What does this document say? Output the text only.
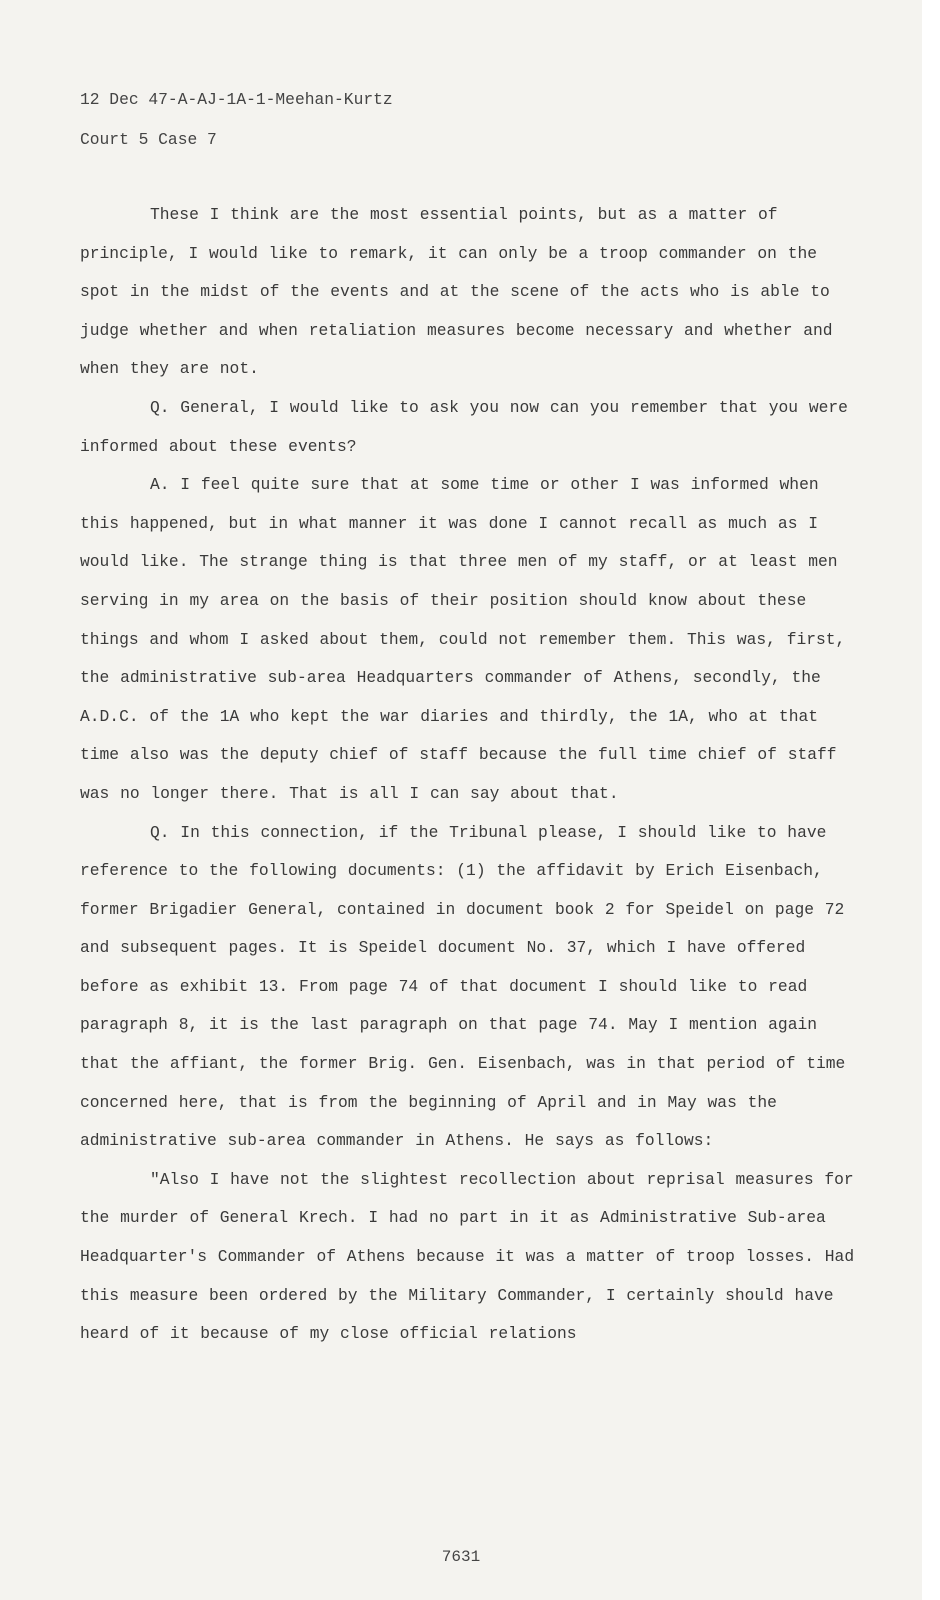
12 Dec 47-A-AJ-1A-1-Meehan-Kurtz
Court 5 Case 7

These I think are the most essential points, but as a matter of principle, I would like to remark, it can only be a troop commander on the spot in the midst of the events and at the scene of the acts who is able to judge whether and when retaliation measures become necessary and whether and when they are not.

Q. General, I would like to ask you now can you remember that you were informed about these events?

A. I feel quite sure that at some time or other I was informed when this happened, but in what manner it was done I cannot recall as much as I would like. The strange thing is that three men of my staff, or at least men serving in my area on the basis of their position should know about these things and whom I asked about them, could not remember them. This was, first, the administrative sub-area Headquarters commander of Athens, secondly, the A.D.C. of the 1A who kept the war diaries and thirdly, the 1A, who at that time also was the deputy chief of staff because the full time chief of staff was no longer there. That is all I can say about that.

Q. In this connection, if the Tribunal please, I should like to have reference to the following documents: (1) the affidavit by Erich Eisenbach, former Brigadier General, contained in document book 2 for Speidel on page 72 and subsequent pages. It is Speidel document No. 37, which I have offered before as exhibit 13. From page 74 of that document I should like to read paragraph 8, it is the last paragraph on that page 74. May I mention again that the affiant, the former Brig. Gen. Eisenbach, was in that period of time concerned here, that is from the beginning of April and in May was the administrative sub-area commander in Athens. He says as follows:

"Also I have not the slightest recollection about reprisal measures for the murder of General Krech. I had no part in it as Administrative Sub-area Headquarter's Commander of Athens because it was a matter of troop losses. Had this measure been ordered by the Military Commander, I certainly should have heard of it because of my close official relations

7631
